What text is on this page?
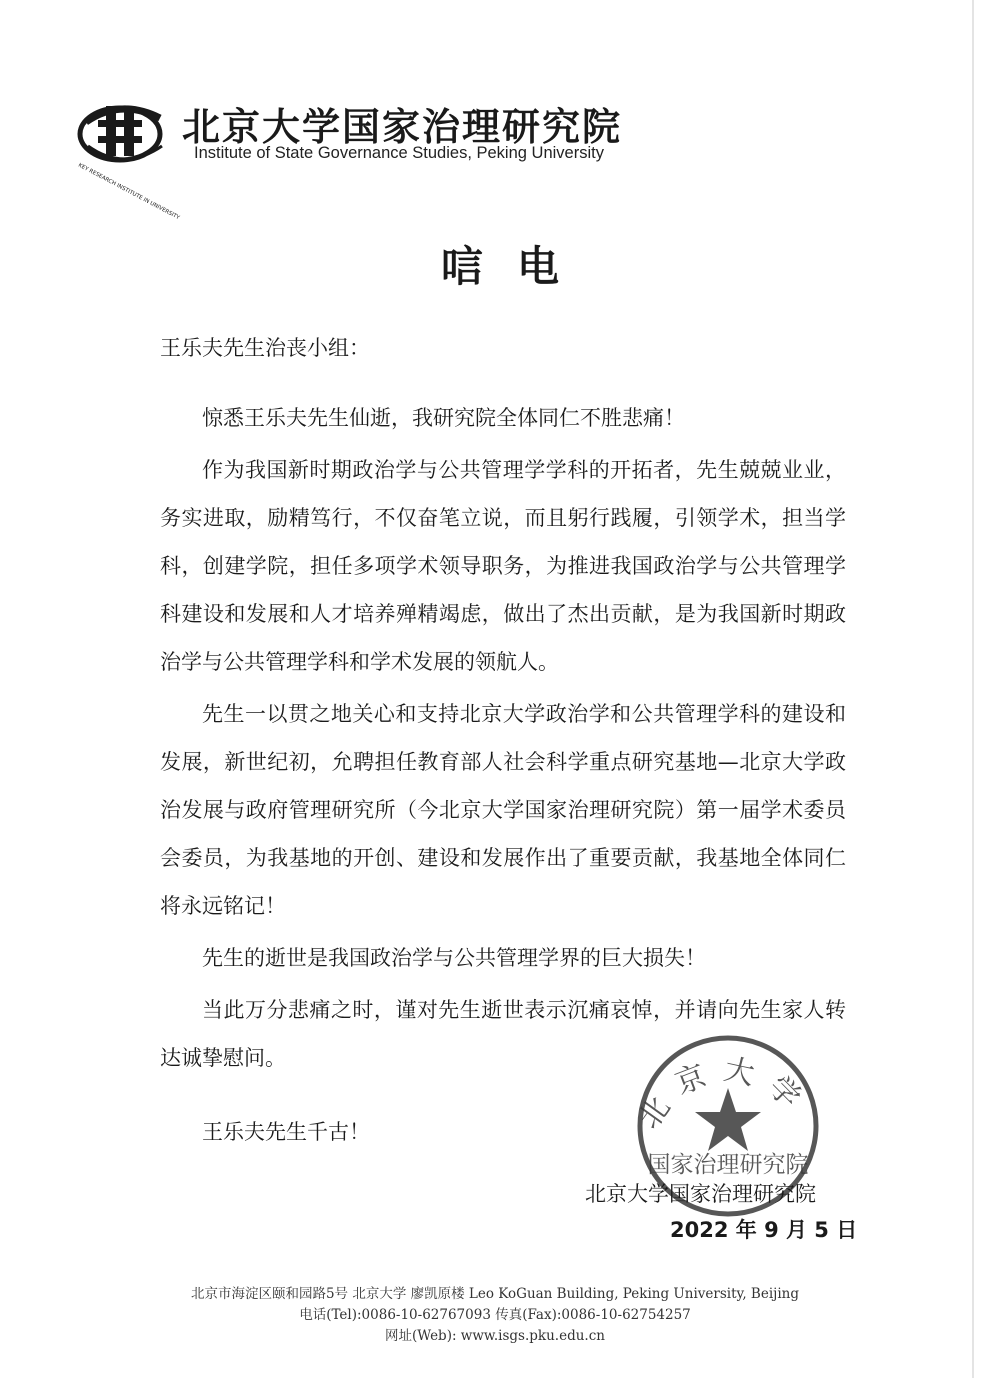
KEY RESEARCH INSTITUTE IN UNIVERSITY
北京大学国家治理研究院
Institute of State Governance Studies, Peking University
唁电
王乐夫先生治丧小组：

惊悉王乐夫先生仙逝，我研究院全体同仁不胜悲痛！

作为我国新时期政治学与公共管理学学科的开拓者，先生兢兢业业，务实进取，励精笃行，不仅奋笔立说，而且躬行践履，引领学术，担当学科，创建学院，担任多项学术领导职务，为推进我国政治学与公共管理学科建设和发展和人才培养殚精竭虑，做出了杰出贡献，是为我国新时期政治学与公共管理学科和学术发展的领航人。

先生一以贯之地关心和支持北京大学政治学和公共管理学科的建设和发展，新世纪初，允聘担任教育部人社会科学重点研究基地—北京大学政治发展与政府管理研究所（今北京大学国家治理研究院）第一届学术委员会委员，为我基地的开创、建设和发展作出了重要贡献，我基地全体同仁将永远铭记！

先生的逝世是我国政治学与公共管理学界的巨大损失！

当此万分悲痛之时，谨对先生逝世表示沉痛哀悼，并请向先生家人转达诚挚慰问。

王乐夫先生千古！	北京大学
国家治理研究院
北京大学国家治理研究院
2022 年 9 月 5 日
北京市海淀区颐和园路5号 北京大学 廖凯原楼 Leo KoGuan Building, Peking University, Beijing
电话(Tel):0086-10-62767093 传真(Fax):0086-10-62754257
网址(Web): www.isgs.pku.edu.cn
